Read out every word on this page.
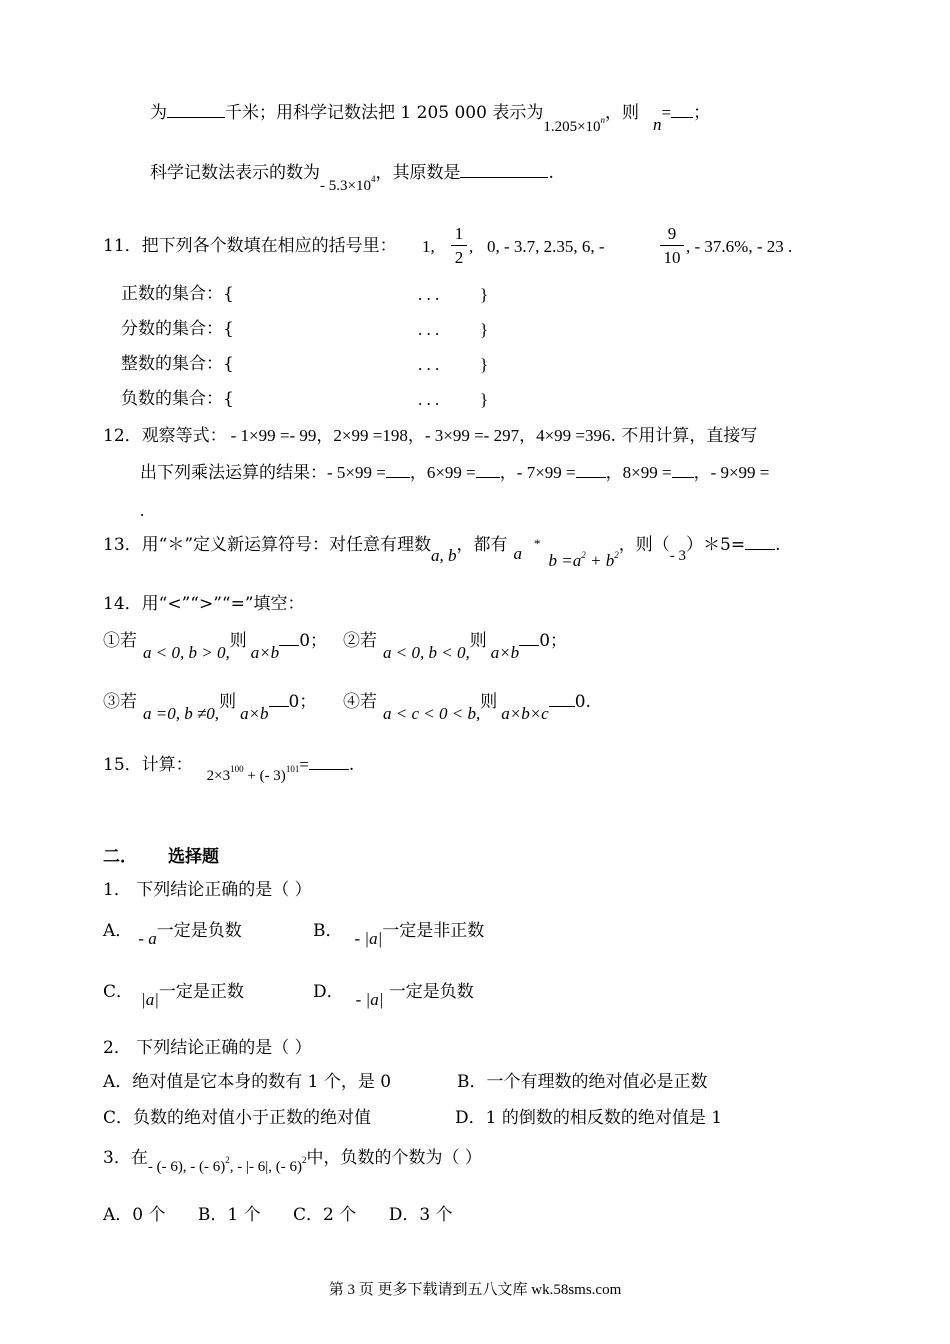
为	千米；用科学记数法把 1 205 000 表示为$1.205\times 10^n$，则n= ；
科学记数法表示的数为- $5.3\times 10^4$，其原数是	.
11．把下列各个数填在相应的括号里： 1,
1
2
, 0, - 3.7, 2.35, 6, -
9
10
, - 37.6%, - 23 .
正数的集合：{	. . . }
分数的集合：{	. . . }
整数的集合：{	. . . }
负数的集合：{	. . . }
12．观察等式： - 1×99 =- 99，2×99 =198，- 3×99 =- 297，4×99 =396. 不用计算，直接写
出下列乘法运算的结果：- 5×99 = ，6×99 = ，- 7×99 = ，8×99 = ，- 9×99 =
.
13．用“＊”定义新运算符号：对任意有理数a, b，都有 $a*b =a^2 + b^2$，则（- 3）＊5= .
14．用“<”“>”“=”填空：
①若a < 0, b > 0,则a×b0； ②若a < 0, b < 0,则a×b0；
③若a =0, b ≠0,则a×b0； ④若a < c < 0 < b,则a×b×c0.
15．计算：$2\times 3^{100}$ + (- 3)$^{101}$= .
二． 选择题
1． 下列结论正确的是（ ）
A． - a一定是负数	B． - |a|一定是非正数
C． |a|一定是正数	D． - |a| 一定是负数
2． 下列结论正确的是（ ）
A．绝对值是它本身的数有 1 个，是 0	B．一个有理数的绝对值必是正数
C．负数的绝对值小于正数的绝对值	D．1 的倒数的相反数的绝对值是 1
3．在- (- 6), - (- 6)$^2$, - |- 6|, (- 6)$^2$中，负数的个数为（ ）
A．0 个      B．1 个      C．2 个      D．3 个
第 3 页 更多下载请到五八文库 wk.58sms.com
